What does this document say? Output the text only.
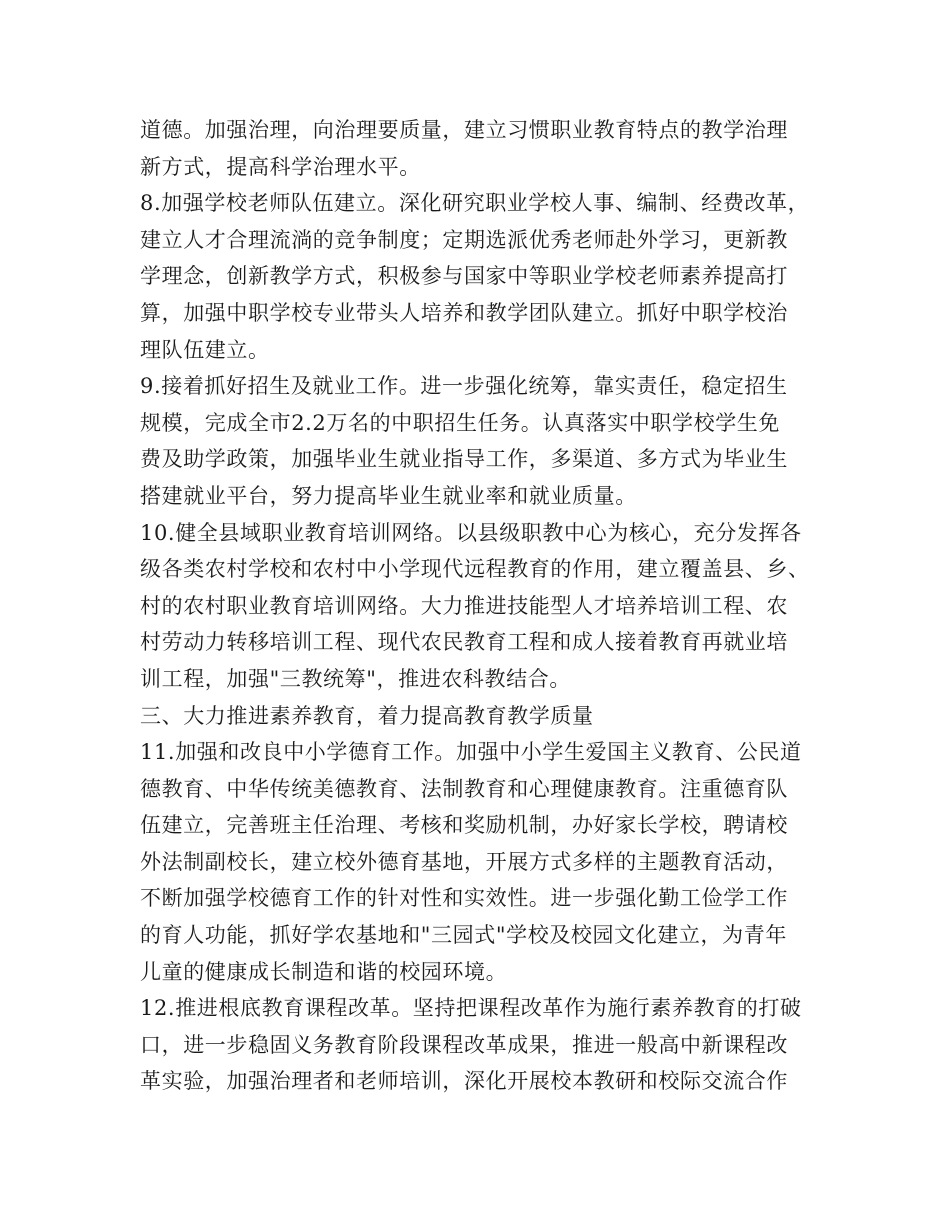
道德。加强治理，向治理要质量，建立习惯职业教育特点的教学治理
新方式，提高科学治理水平。
8.加强学校老师队伍建立。深化研究职业学校人事、编制、经费改革，
建立人才合理流淌的竞争制度；定期选派优秀老师赴外学习，更新教
学理念，创新教学方式，积极参与国家中等职业学校老师素养提高打
算，加强中职学校专业带头人培养和教学团队建立。抓好中职学校治
理队伍建立。
9.接着抓好招生及就业工作。进一步强化统筹，靠实责任，稳定招生
规模，完成全市2.2万名的中职招生任务。认真落实中职学校学生免
费及助学政策，加强毕业生就业指导工作，多渠道、多方式为毕业生
搭建就业平台，努力提高毕业生就业率和就业质量。
10.健全县域职业教育培训网络。以县级职教中心为核心，充分发挥各
级各类农村学校和农村中小学现代远程教育的作用，建立覆盖县、乡、
村的农村职业教育培训网络。大力推进技能型人才培养培训工程、农
村劳动力转移培训工程、现代农民教育工程和成人接着教育再就业培
训工程，加强"三教统筹"，推进农科教结合。
三、大力推进素养教育，着力提高教育教学质量
11.加强和改良中小学德育工作。加强中小学生爱国主义教育、公民道
德教育、中华传统美德教育、法制教育和心理健康教育。注重德育队
伍建立，完善班主任治理、考核和奖励机制，办好家长学校，聘请校
外法制副校长，建立校外德育基地，开展方式多样的主题教育活动，
不断加强学校德育工作的针对性和实效性。进一步强化勤工俭学工作
的育人功能，抓好学农基地和"三园式"学校及校园文化建立，为青年
儿童的健康成长制造和谐的校园环境。
12.推进根底教育课程改革。坚持把课程改革作为施行素养教育的打破
口，进一步稳固义务教育阶段课程改革成果，推进一般高中新课程改
革实验，加强治理者和老师培训，深化开展校本教研和校际交流合作
